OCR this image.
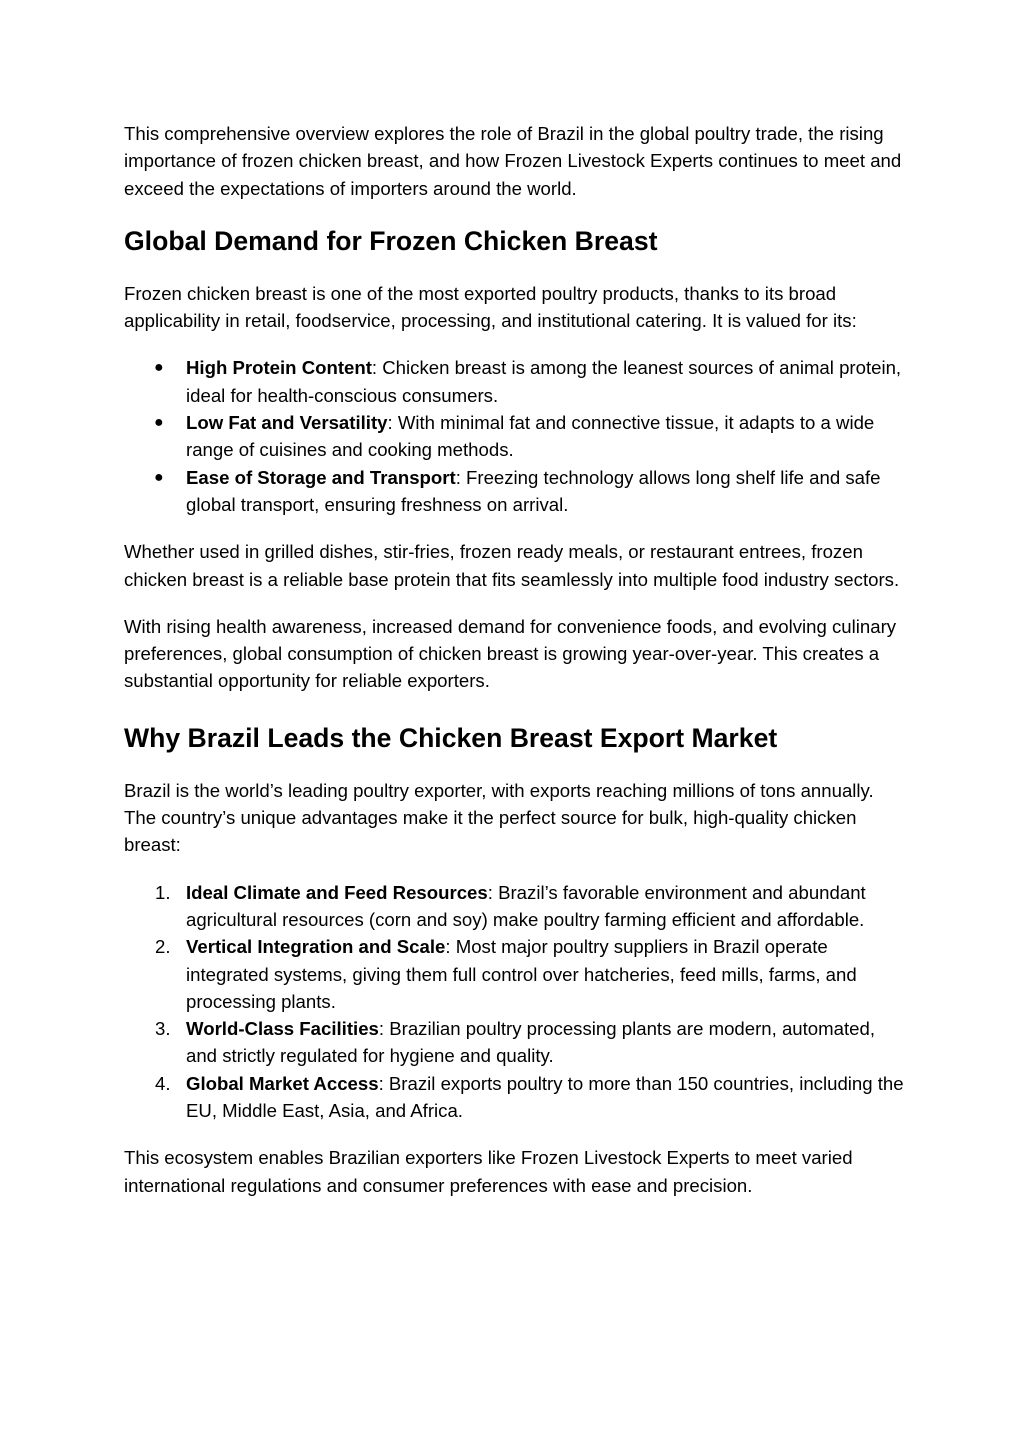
This comprehensive overview explores the role of Brazil in the global poultry trade, the rising importance of frozen chicken breast, and how Frozen Livestock Experts continues to meet and exceed the expectations of importers around the world.

Global Demand for Frozen Chicken Breast

Frozen chicken breast is one of the most exported poultry products, thanks to its broad applicability in retail, foodservice, processing, and institutional catering. It is valued for its:

● High Protein Content: Chicken breast is among the leanest sources of animal protein, ideal for health-conscious consumers.
● Low Fat and Versatility: With minimal fat and connective tissue, it adapts to a wide range of cuisines and cooking methods.
● Ease of Storage and Transport: Freezing technology allows long shelf life and safe global transport, ensuring freshness on arrival.

Whether used in grilled dishes, stir-fries, frozen ready meals, or restaurant entrees, frozen chicken breast is a reliable base protein that fits seamlessly into multiple food industry sectors.

With rising health awareness, increased demand for convenience foods, and evolving culinary preferences, global consumption of chicken breast is growing year-over-year. This creates a substantial opportunity for reliable exporters.

Why Brazil Leads the Chicken Breast Export Market

Brazil is the world’s leading poultry exporter, with exports reaching millions of tons annually. The country’s unique advantages make it the perfect source for bulk, high-quality chicken breast:

1. Ideal Climate and Feed Resources: Brazil’s favorable environment and abundant agricultural resources (corn and soy) make poultry farming efficient and affordable.
2. Vertical Integration and Scale: Most major poultry suppliers in Brazil operate integrated systems, giving them full control over hatcheries, feed mills, farms, and processing plants.
3. World-Class Facilities: Brazilian poultry processing plants are modern, automated, and strictly regulated for hygiene and quality.
4. Global Market Access: Brazil exports poultry to more than 150 countries, including the EU, Middle East, Asia, and Africa.

This ecosystem enables Brazilian exporters like Frozen Livestock Experts to meet varied international regulations and consumer preferences with ease and precision.
